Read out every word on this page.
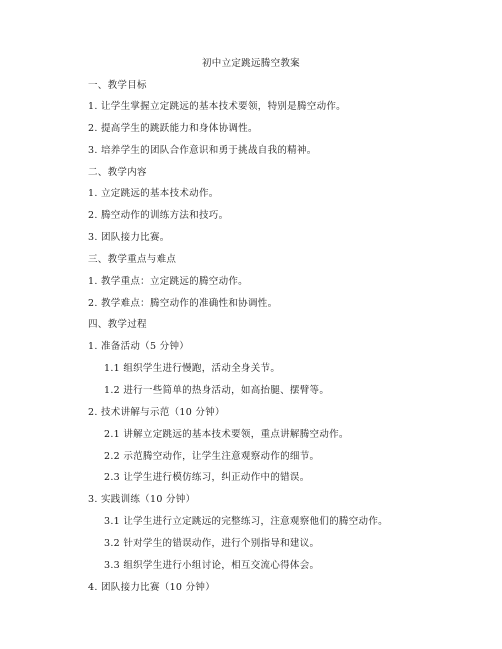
初中立定跳远腾空教案
一、教学目标
1. 让学生掌握立定跳远的基本技术要领，特别是腾空动作。
2. 提高学生的跳跃能力和身体协调性。
3. 培养学生的团队合作意识和勇于挑战自我的精神。
二、教学内容
1. 立定跳远的基本技术动作。
2. 腾空动作的训练方法和技巧。
3. 团队接力比赛。
三、教学重点与难点
1. 教学重点：立定跳远的腾空动作。
2. 教学难点：腾空动作的准确性和协调性。
四、教学过程
1. 准备活动（5 分钟）
1.1 组织学生进行慢跑，活动全身关节。
1.2 进行一些简单的热身活动，如高抬腿、摆臂等。
2. 技术讲解与示范（10 分钟）
2.1 讲解立定跳远的基本技术要领，重点讲解腾空动作。
2.2 示范腾空动作，让学生注意观察动作的细节。
2.3 让学生进行模仿练习，纠正动作中的错误。
3. 实践训练（10 分钟）
3.1 让学生进行立定跳远的完整练习，注意观察他们的腾空动作。
3.2 针对学生的错误动作，进行个别指导和建议。
3.3 组织学生进行小组讨论，相互交流心得体会。
4. 团队接力比赛（10 分钟）
